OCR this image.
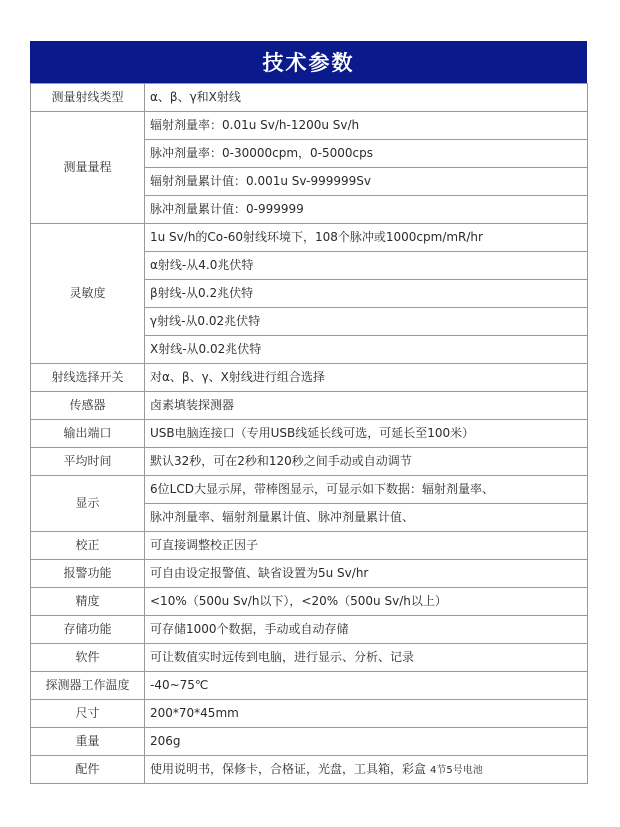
技术参数
测量射线类型	α、β、γ和X射线
测量量程	辐射剂量率：0.01u Sv/h-1200u Sv/h
	脉冲剂量率：0-30000cpm，0-5000cps
	辐射剂量累计值：0.001u Sv-999999Sv
	脉冲剂量累计值：0-999999
灵敏度	1u Sv/h的Co-60射线环境下，108个脉冲或1000cpm/mR/hr
	α射线-从4.0兆伏特
	β射线-从0.2兆伏特
	γ射线-从0.02兆伏特
	X射线-从0.02兆伏特
射线选择开关	对α、β、γ、X射线进行组合选择
传感器	卤素填装探测器
输出端口	USB电脑连接口（专用USB线延长线可选，可延长至100米）
平均时间	默认32秒，可在2秒和120秒之间手动或自动调节
显示	6位LCD大显示屏，带棒图显示，可显示如下数据：辐射剂量率、
	脉冲剂量率、辐射剂量累计值、脉冲剂量累计值、
校正	可直接调整校正因子
报警功能	可自由设定报警值、缺省设置为5u Sv/hr
精度	<10%（500u Sv/h以下），<20%（500u Sv/h以上）
存储功能	可存储1000个数据，手动或自动存储
软件	可让数值实时远传到电脑，进行显示、分析、记录
探测器工作温度	-40~75℃
尺寸	200*70*45mm
重量	206g
配件	使用说明书，保修卡，合格证，光盘，工具箱，彩盒 4节5号电池
